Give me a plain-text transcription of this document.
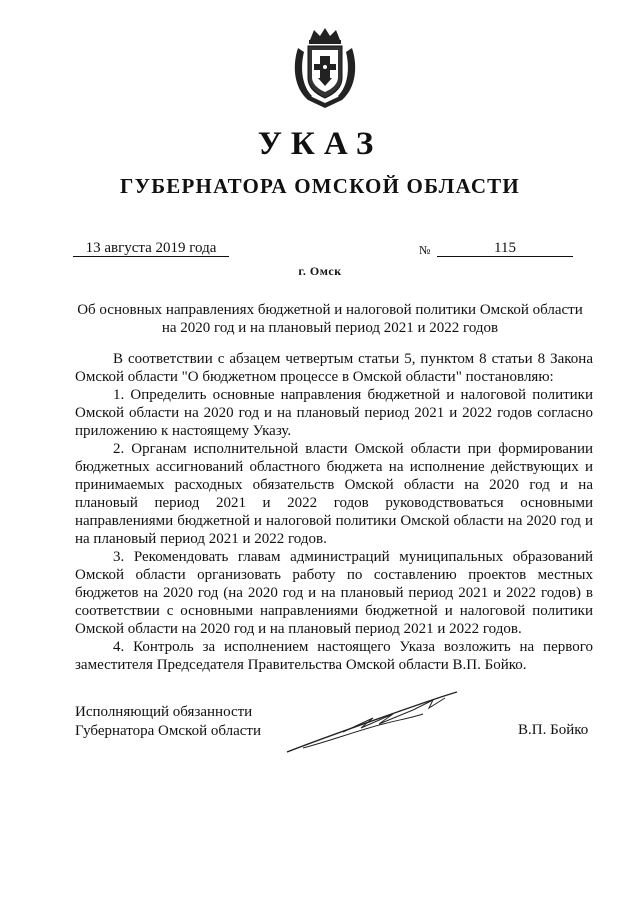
УКАЗ
ГУБЕРНАТОРА ОМСКОЙ ОБЛАСТИ
13 августа 2019 года	№	115
г. Омск
Об основных направлениях бюджетной и налоговой политики Омской области
на 2020 год и на плановый период 2021 и 2022 годов

В соответствии с абзацем четвертым статьи 5, пунктом 8 статьи 8 Закона Омской области "О бюджетном процессе в Омской области" постановляю:

1. Определить основные направления бюджетной и налоговой политики Омской области на 2020 год и на плановый период 2021 и 2022 годов согласно приложению к настоящему Указу.

2. Органам исполнительной власти Омской области при формировании бюджетных ассигнований областного бюджета на исполнение действующих и принимаемых расходных обязательств Омской области на 2020 год и на плановый период 2021 и 2022 годов руководствоваться основными направлениями бюджетной и налоговой политики Омской области на 2020 год и на плановый период 2021 и 2022 годов.

3. Рекомендовать главам администраций муниципальных образований Омской области организовать работу по составлению проектов местных бюджетов на 2020 год (на 2020 год и на плановый период 2021 и 2022 годов) в соответствии с основными направлениями бюджетной и налоговой политики Омской области на 2020 год и на плановый период 2021 и 2022 годов.

4. Контроль за исполнением настоящего Указа возложить на первого заместителя Председателя Правительства Омской области В.П. Бойко.

Исполняющий обязанности
Губернатора Омской области	В.П. Бойко
